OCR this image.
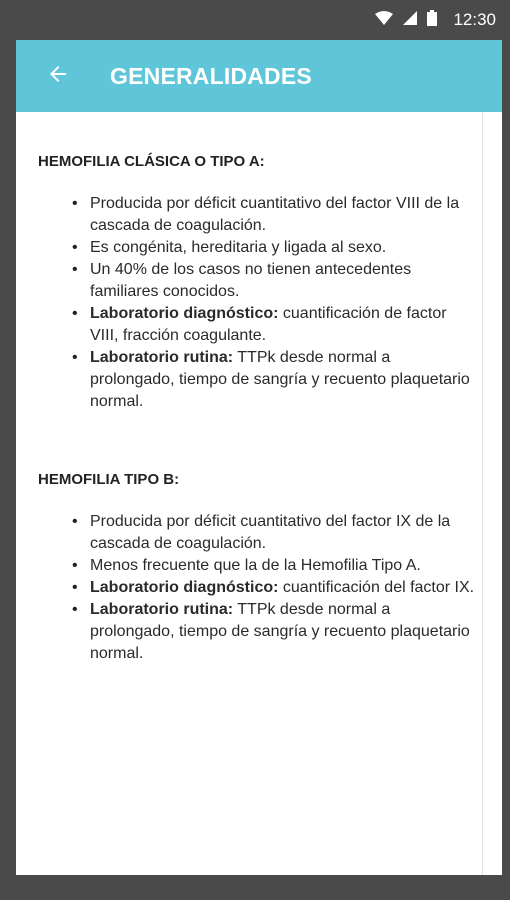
12:30
GENERALIDADES

HEMOFILIA CLÁSICA O TIPO A:

• Producida por déficit cuantitativo del factor VIII de la cascada de coagulación.
• Es congénita, hereditaria y ligada al sexo.
• Un 40% de los casos no tienen antecedentes familiares conocidos.
• Laboratorio diagnóstico: cuantificación de factor VIII, fracción coagulante.
• Laboratorio rutina: TTPk desde normal a prolongado, tiempo de sangría y recuento plaquetario normal.

HEMOFILIA TIPO B:

• Producida por déficit cuantitativo del factor IX de la cascada de coagulación.
• Menos frecuente que la de la Hemofilia Tipo A.
• Laboratorio diagnóstico: cuantificación del factor IX.
• Laboratorio rutina: TTPk desde normal a prolongado, tiempo de sangría y recuento plaquetario normal.
